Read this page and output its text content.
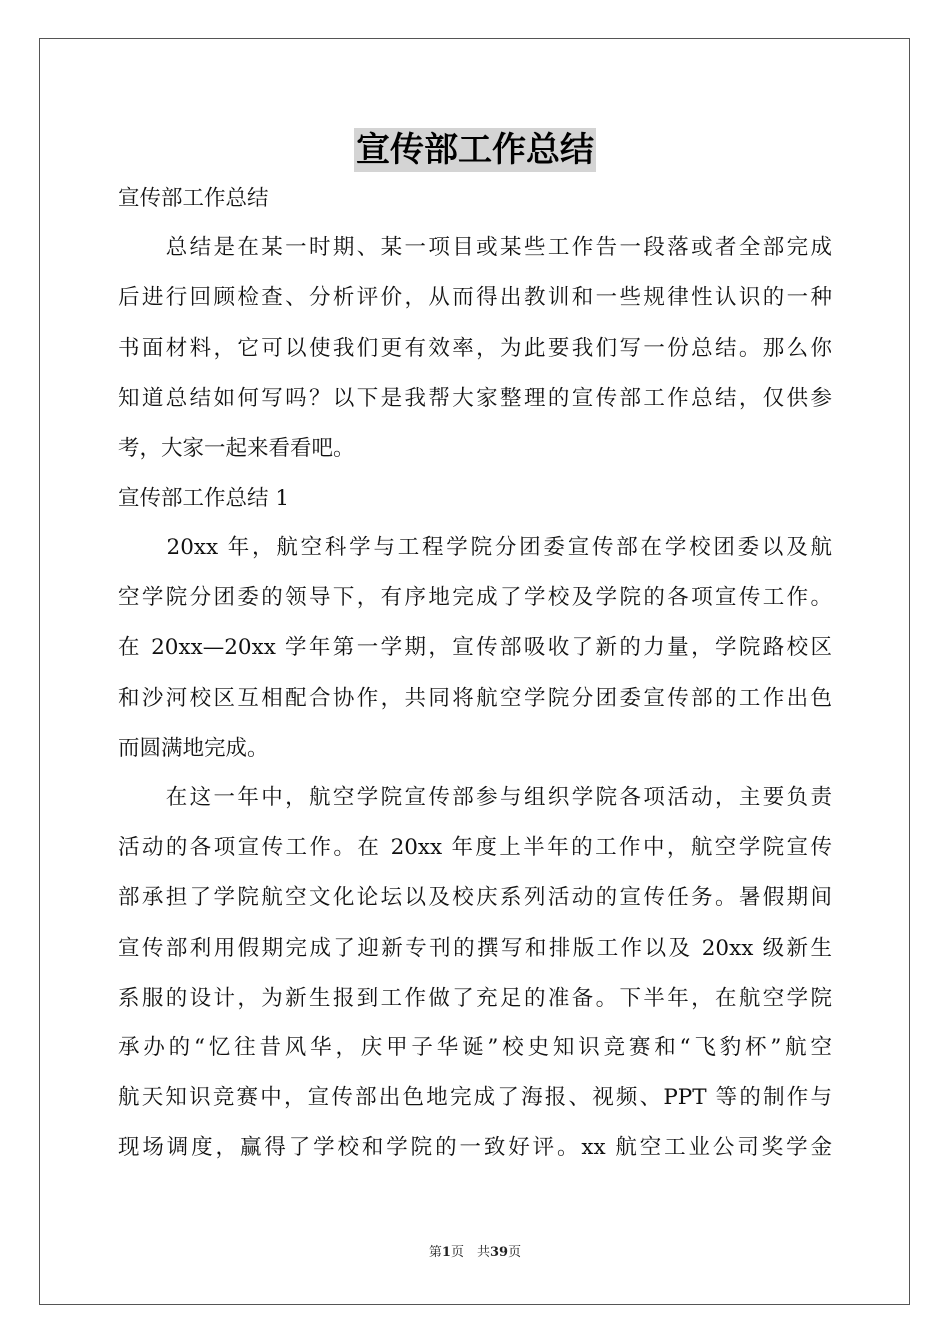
宣传部工作总结

宣传部工作总结

　　总结是在某一时期、某一项目或某些工作告一段落或者全部完成

后进行回顾检查、分析评价，从而得出教训和一些规律性认识的一种

书面材料，它可以使我们更有效率，为此要我们写一份总结。那么你

知道总结如何写吗？以下是我帮大家整理的宣传部工作总结，仅供参

考，大家一起来看看吧。

宣传部工作总结 1

　　20xx 年，航空科学与工程学院分团委宣传部在学校团委以及航

空学院分团委的领导下，有序地完成了学校及学院的各项宣传工作。

在 20xx—20xx 学年第一学期，宣传部吸收了新的力量，学院路校区

和沙河校区互相配合协作，共同将航空学院分团委宣传部的工作出色

而圆满地完成。

　　在这一年中，航空学院宣传部参与组织学院各项活动，主要负责

活动的各项宣传工作。在 20xx 年度上半年的工作中，航空学院宣传

部承担了学院航空文化论坛以及校庆系列活动的宣传任务。暑假期间

宣传部利用假期完成了迎新专刊的撰写和排版工作以及 20xx 级新生

系服的设计，为新生报到工作做了充足的准备。下半年，在航空学院

承办的“忆往昔风华，庆甲子华诞”校史知识竞赛和“飞豹杯”航空

航天知识竞赛中，宣传部出色地完成了海报、视频、PPT 等的制作与

现场调度，赢得了学校和学院的一致好评。xx 航空工业公司奖学金

第1页　共39页
